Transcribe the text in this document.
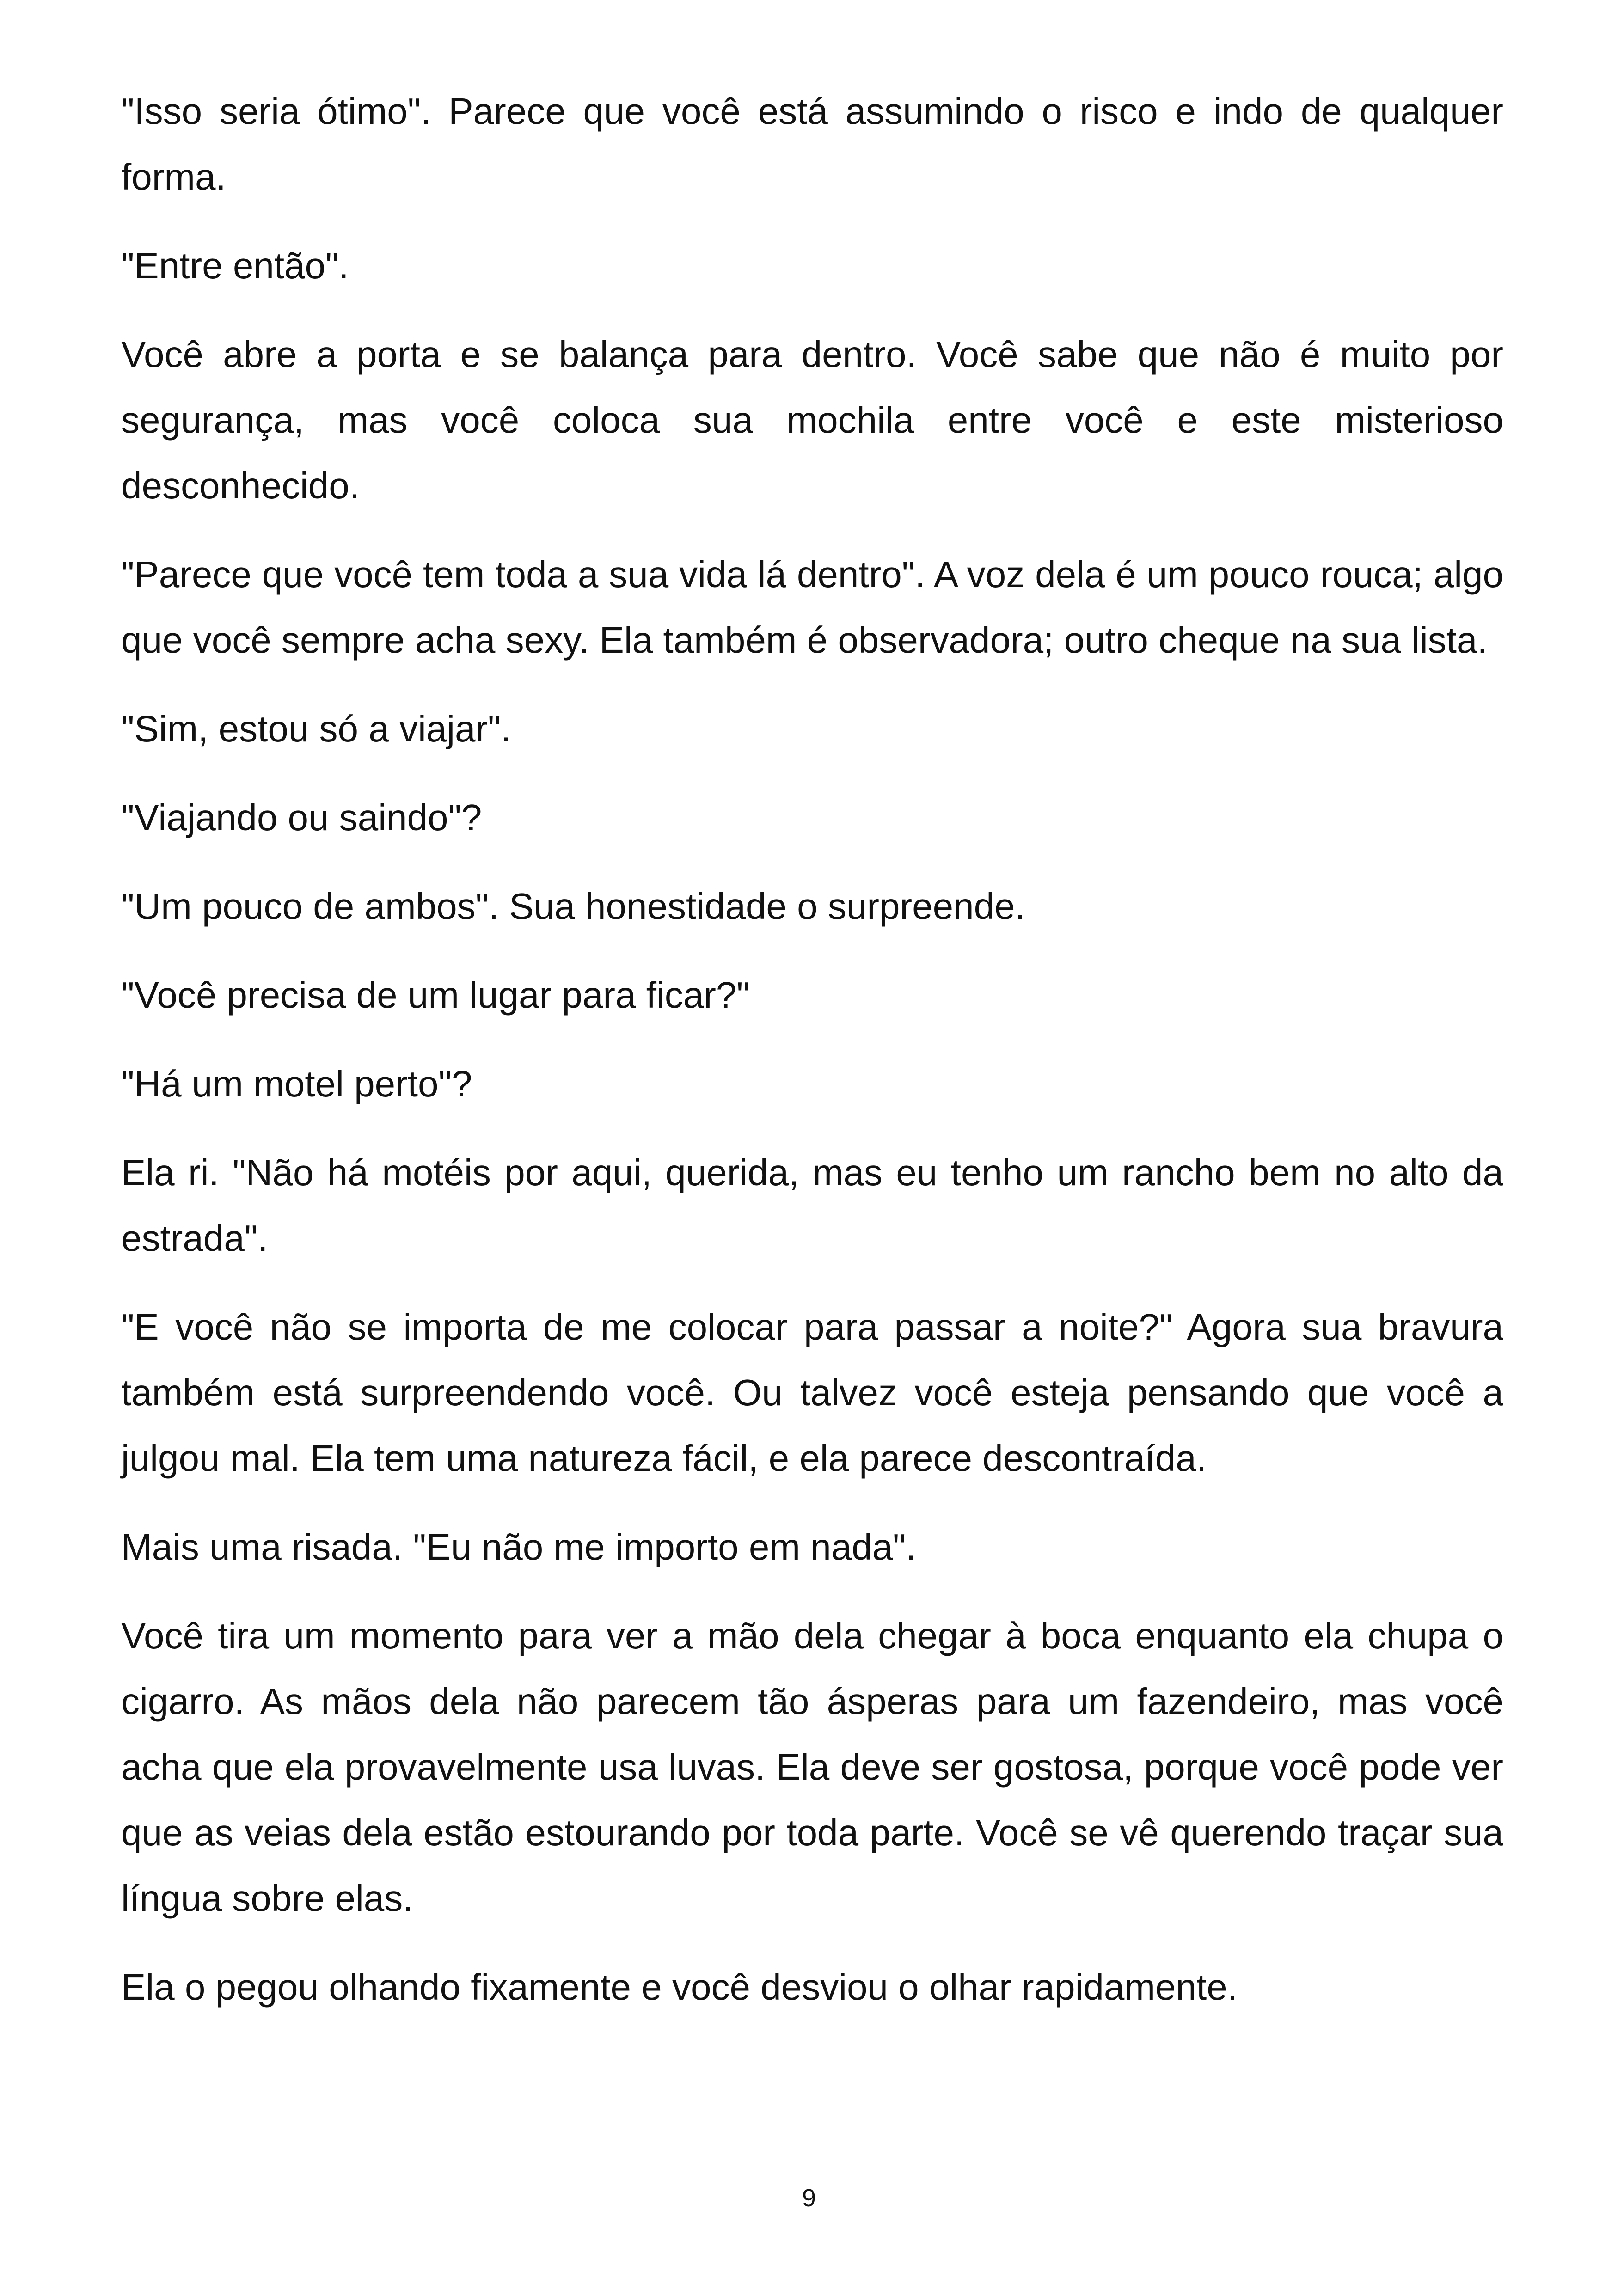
"Isso seria ótimo". Parece que você está assumindo o risco e indo de qualquer forma.

"Entre então".

Você abre a porta e se balança para dentro. Você sabe que não é muito por segurança, mas você coloca sua mochila entre você e este misterioso desconhecido.

"Parece que você tem toda a sua vida lá dentro". A voz dela é um pouco rouca; algo que você sempre acha sexy. Ela também é observadora; outro cheque na sua lista.

"Sim, estou só a viajar".

"Viajando ou saindo"?

"Um pouco de ambos". Sua honestidade o surpreende.

"Você precisa de um lugar para ficar?"

"Há um motel perto"?

Ela ri. "Não há motéis por aqui, querida, mas eu tenho um rancho bem no alto da estrada".

"E você não se importa de me colocar para passar a noite?" Agora sua bravura também está surpreendendo você. Ou talvez você esteja pensando que você a julgou mal. Ela tem uma natureza fácil, e ela parece descontraída.

Mais uma risada. "Eu não me importo em nada".

Você tira um momento para ver a mão dela chegar à boca enquanto ela chupa o cigarro. As mãos dela não parecem tão ásperas para um fazendeiro, mas você acha que ela provavelmente usa luvas. Ela deve ser gostosa, porque você pode ver que as veias dela estão estourando por toda parte. Você se vê querendo traçar sua língua sobre elas.

Ela o pegou olhando fixamente e você desviou o olhar rapidamente.

9
